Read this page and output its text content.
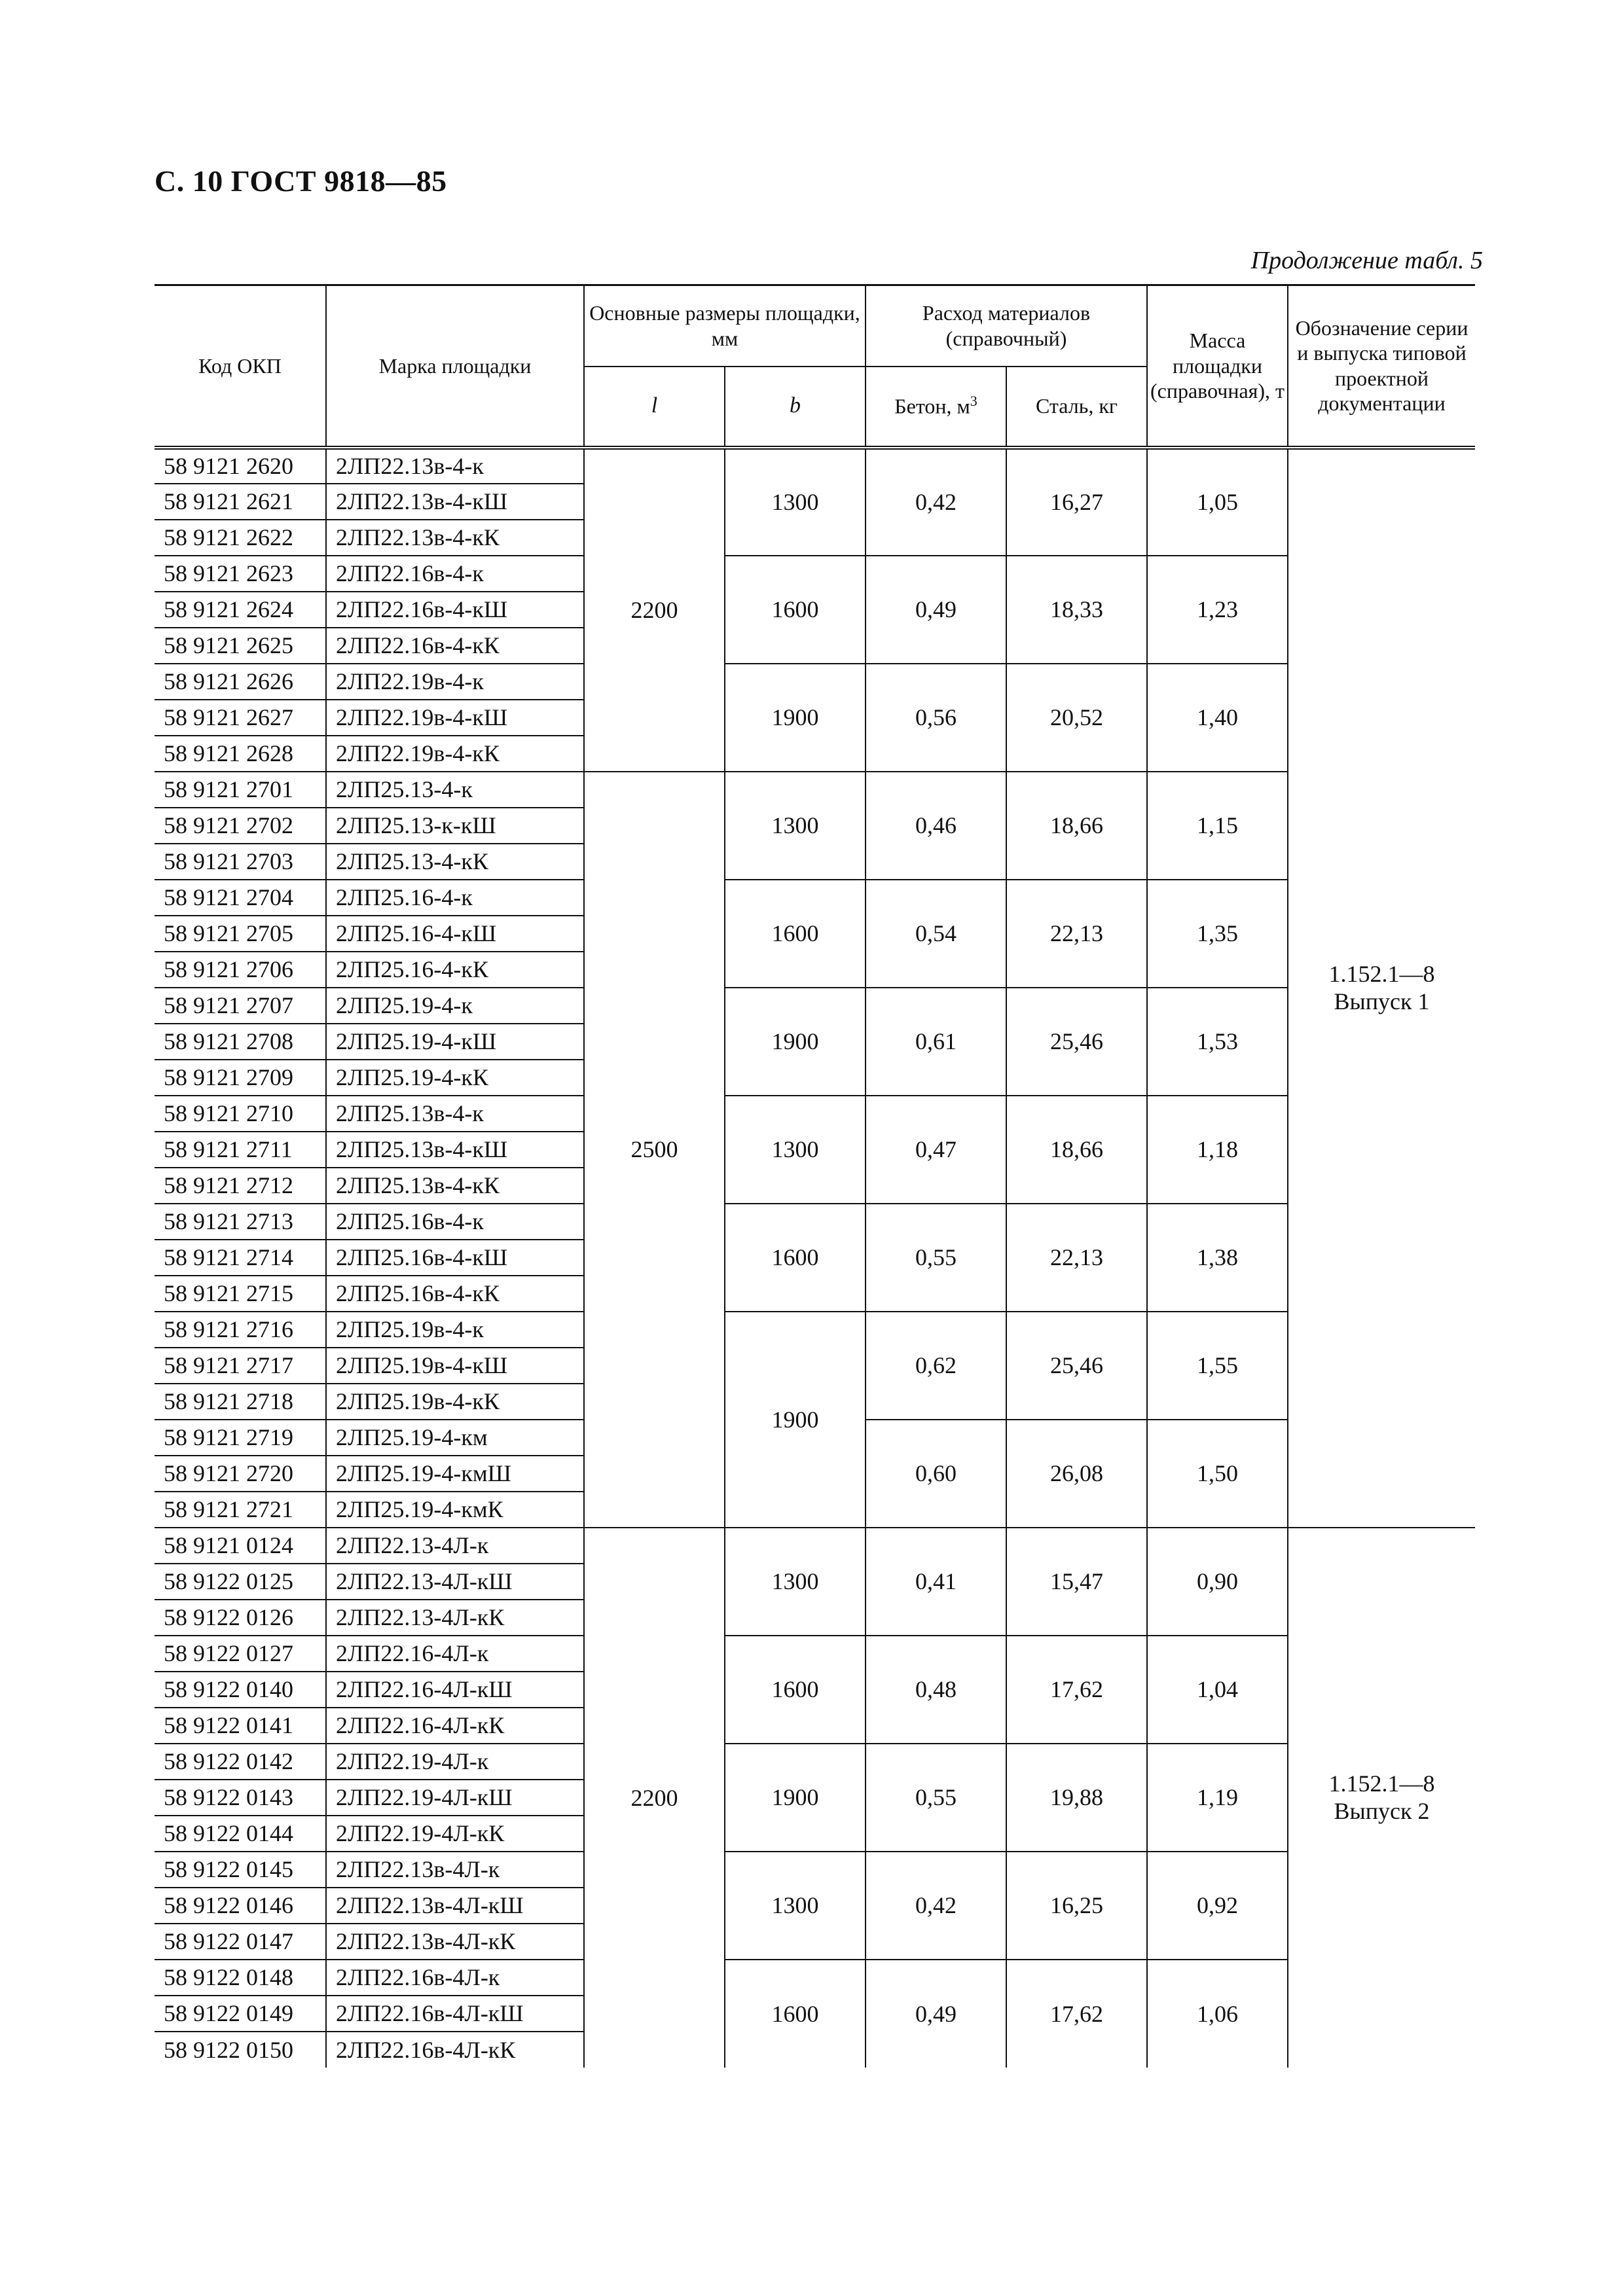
С. 10 ГОСТ 9818—85
Продолжение табл. 5
Код ОКП	Марка площадки	Основные размеры площадки, мм		Расход материалов (справочный)		Масса площадки (справочная), т	Обозначение серии и выпуска типовой проектной документации
		l	b	Бетон, $м^3$	Сталь, кг		
58 9121 2620	2ЛП22.13в-4-к	2200	1300	0,42	16,27	1,05	1.152.1—8
Выпуск 1

58 9121 2621	2ЛП22.13в-4-кШ						
58 9121 2622	2ЛП22.13в-4-кК						
58 9121 2623	2ЛП22.16в-4-к		1600	0,49	18,33	1,23	
58 9121 2624	2ЛП22.16в-4-кШ						
58 9121 2625	2ЛП22.16в-4-кК						
58 9121 2626	2ЛП22.19в-4-к		1900	0,56	20,52	1,40	
58 9121 2627	2ЛП22.19в-4-кШ						
58 9121 2628	2ЛП22.19в-4-кК						
58 9121 2701	2ЛП25.13-4-к	2500	1300	0,46	18,66	1,15	
58 9121 2702	2ЛП25.13-к-кШ						
58 9121 2703	2ЛП25.13-4-кК						
58 9121 2704	2ЛП25.16-4-к		1600	0,54	22,13	1,35	
58 9121 2705	2ЛП25.16-4-кШ						
58 9121 2706	2ЛП25.16-4-кК						
58 9121 2707	2ЛП25.19-4-к		1900	0,61	25,46	1,53	
58 9121 2708	2ЛП25.19-4-кШ						
58 9121 2709	2ЛП25.19-4-кК						
58 9121 2710	2ЛП25.13в-4-к		1300	0,47	18,66	1,18	
58 9121 2711	2ЛП25.13в-4-кШ						
58 9121 2712	2ЛП25.13в-4-кК						
58 9121 2713	2ЛП25.16в-4-к		1600	0,55	22,13	1,38	
58 9121 2714	2ЛП25.16в-4-кШ						
58 9121 2715	2ЛП25.16в-4-кК						
58 9121 2716	2ЛП25.19в-4-к		1900	0,62	25,46	1,55	
58 9121 2717	2ЛП25.19в-4-кШ						
58 9121 2718	2ЛП25.19в-4-кК						
58 9121 2719	2ЛП25.19-4-км			0,60	26,08	1,50	
58 9121 2720	2ЛП25.19-4-кмШ						
58 9121 2721	2ЛП25.19-4-кмК						
58 9121 0124	2ЛП22.13-4Л-к	2200	1300	0,41	15,47	0,90	1.152.1—8
Выпуск 2

58 9122 0125	2ЛП22.13-4Л-кШ						
58 9122 0126	2ЛП22.13-4Л-кК						
58 9122 0127	2ЛП22.16-4Л-к		1600	0,48	17,62	1,04	
58 9122 0140	2ЛП22.16-4Л-кШ						
58 9122 0141	2ЛП22.16-4Л-кК						
58 9122 0142	2ЛП22.19-4Л-к		1900	0,55	19,88	1,19	
58 9122 0143	2ЛП22.19-4Л-кШ						
58 9122 0144	2ЛП22.19-4Л-кК						
58 9122 0145	2ЛП22.13в-4Л-к		1300	0,42	16,25	0,92	
58 9122 0146	2ЛП22.13в-4Л-кШ						
58 9122 0147	2ЛП22.13в-4Л-кК						
58 9122 0148	2ЛП22.16в-4Л-к		1600	0,49	17,62	1,06	
58 9122 0149	2ЛП22.16в-4Л-кШ						
58 9122 0150	2ЛП22.16в-4Л-кК						
